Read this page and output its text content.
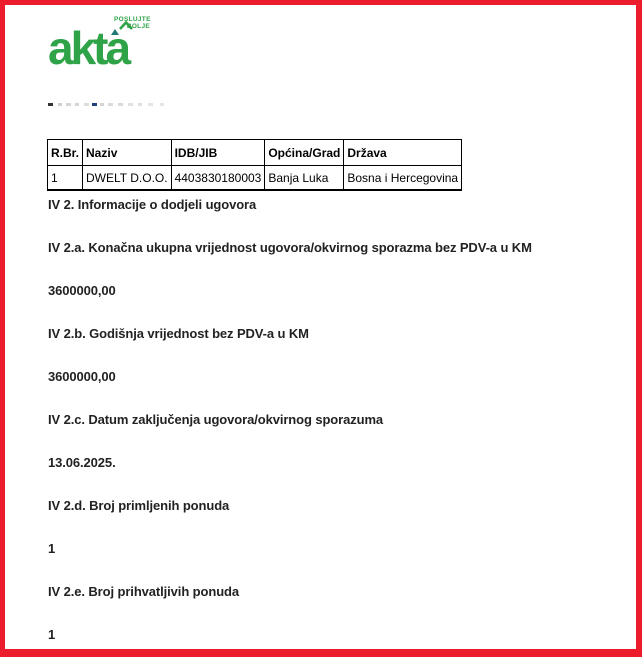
akta
POSLUJTE
BOLJE
R.Br.	Naziv	IDB/JIB	Općina/Grad	Država
1	DWELT D.O.O.	4403830180003	Banja Luka	Bosna i Hercegovina

IV 2. Informacije o dodjeli ugovora

IV 2.a. Konačna ukupna vrijednost ugovora/okvirnog sporazma bez PDV-a u KM

3600000,00

IV 2.b. Godišnja vrijednost bez PDV-a u KM

3600000,00

IV 2.c. Datum zaključenja ugovora/okvirnog sporazuma

13.06.2025.

IV 2.d. Broj primljenih ponuda

1

IV 2.e. Broj prihvatljivih ponuda

1
